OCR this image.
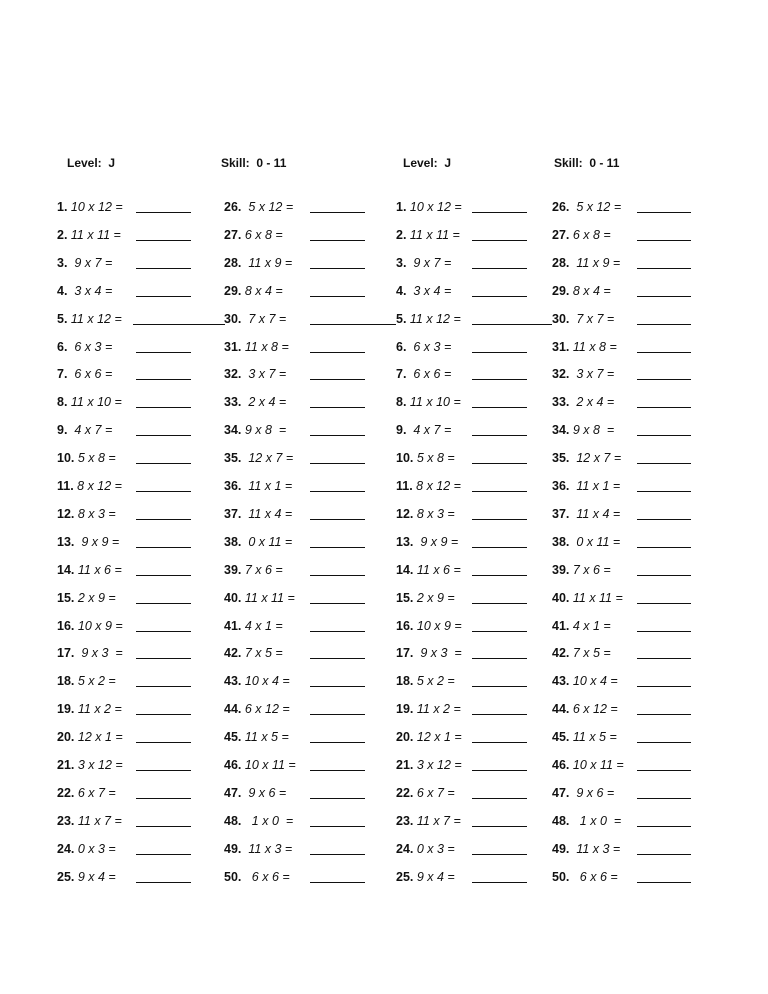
Level:  J	Skill:  0 - 11	Level:  J	Skill:  0 - 11
1. 10 x 12 =
2. 11 x 11 =
3.  9 x 7 =
4.  3 x 4 =
5. 11 x 12 =
6.  6 x 3 =
7.  6 x 6 =
8. 11 x 10 =
9.  4 x 7 =
10. 5 x 8 =
11. 8 x 12 =
12. 8 x 3 =
13.  9 x 9 =
14. 11 x 6 =
15. 2 x 9 =
16. 10 x 9 =
17.  9 x 3  =
18. 5 x 2 =
19. 11 x 2 =
20. 12 x 1 =
21. 3 x 12 =
22. 6 x 7 =
23. 11 x 7 =
24. 0 x 3 =
25. 9 x 4 =
26.  5 x 12 =
27. 6 x 8 =
28.  11 x 9 =
29. 8 x 4 =
30.  7 x 7 =
31. 11 x 8 =
32.  3 x 7 =
33.  2 x 4 =
34. 9 x 8  =
35.  12 x 7 =
36.  11 x 1 =
37.  11 x 4 =
38.  0 x 11 =
39. 7 x 6 =
40. 11 x 11 =
41. 4 x 1 =
42. 7 x 5 =
43. 10 x 4 =
44. 6 x 12 =
45. 11 x 5 =
46. 10 x 11 =
47.  9 x 6 =
48.   1 x 0  =
49.  11 x 3 =
50.   6 x 6 =
1. 10 x 12 =
2. 11 x 11 =
3.  9 x 7 =
4.  3 x 4 =
5. 11 x 12 =
6.  6 x 3 =
7.  6 x 6 =
8. 11 x 10 =
9.  4 x 7 =
10. 5 x 8 =
11. 8 x 12 =
12. 8 x 3 =
13.  9 x 9 =
14. 11 x 6 =
15. 2 x 9 =
16. 10 x 9 =
17.  9 x 3  =
18. 5 x 2 =
19. 11 x 2 =
20. 12 x 1 =
21. 3 x 12 =
22. 6 x 7 =
23. 11 x 7 =
24. 0 x 3 =
25. 9 x 4 =
26.  5 x 12 =
27. 6 x 8 =
28.  11 x 9 =
29. 8 x 4 =
30.  7 x 7 =
31. 11 x 8 =
32.  3 x 7 =
33.  2 x 4 =
34. 9 x 8  =
35.  12 x 7 =
36.  11 x 1 =
37.  11 x 4 =
38.  0 x 11 =
39. 7 x 6 =
40. 11 x 11 =
41. 4 x 1 =
42. 7 x 5 =
43. 10 x 4 =
44. 6 x 12 =
45. 11 x 5 =
46. 10 x 11 =
47.  9 x 6 =
48.   1 x 0  =
49.  11 x 3 =
50.   6 x 6 =
